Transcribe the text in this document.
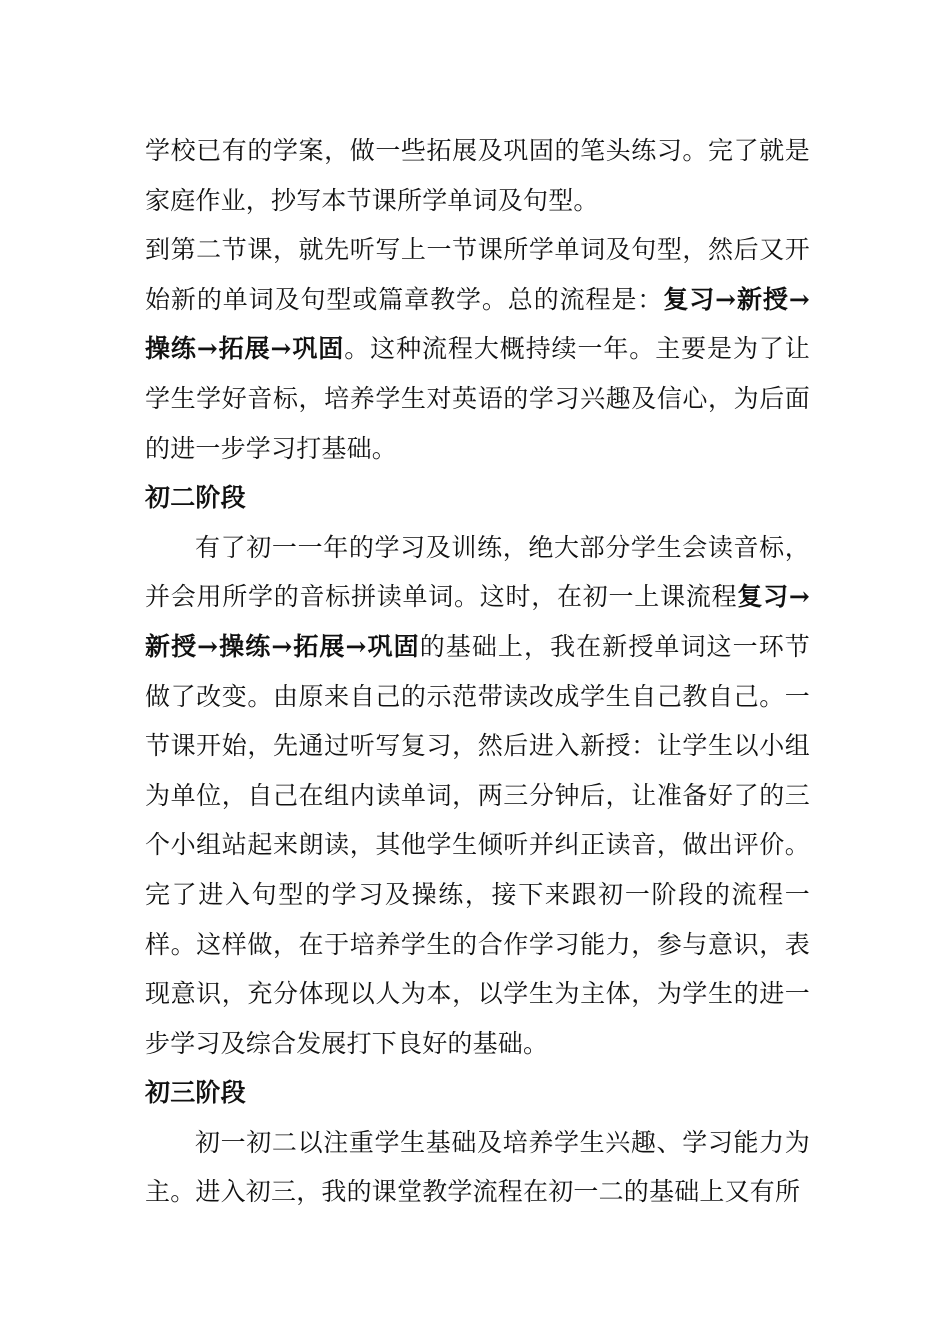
学校已有的学案，做一些拓展及巩固的笔头练习。完了就是家庭作业，抄写本节课所学单词及句型。

到第二节课，就先听写上一节课所学单词及句型，然后又开始新的单词及句型或篇章教学。总的流程是：复习→新授→操练→拓展→巩固。这种流程大概持续一年。主要是为了让学生学好音标，培养学生对英语的学习兴趣及信心，为后面的进一步学习打基础。

初二阶段

有了初一一年的学习及训练，绝大部分学生会读音标，并会用所学的音标拼读单词。这时，在初一上课流程复习→新授→操练→拓展→巩固的基础上，我在新授单词这一环节做了改变。由原来自己的示范带读改成学生自己教自己。一节课开始，先通过听写复习，然后进入新授：让学生以小组为单位，自己在组内读单词，两三分钟后，让准备好了的三个小组站起来朗读，其他学生倾听并纠正读音，做出评价。完了进入句型的学习及操练，接下来跟初一阶段的流程一样。这样做，在于培养学生的合作学习能力，参与意识，表现意识，充分体现以人为本，以学生为主体，为学生的进一步学习及综合发展打下良好的基础。

初三阶段

初一初二以注重学生基础及培养学生兴趣、学习能力为主。进入初三，我的课堂教学流程在初一二的基础上又有所
